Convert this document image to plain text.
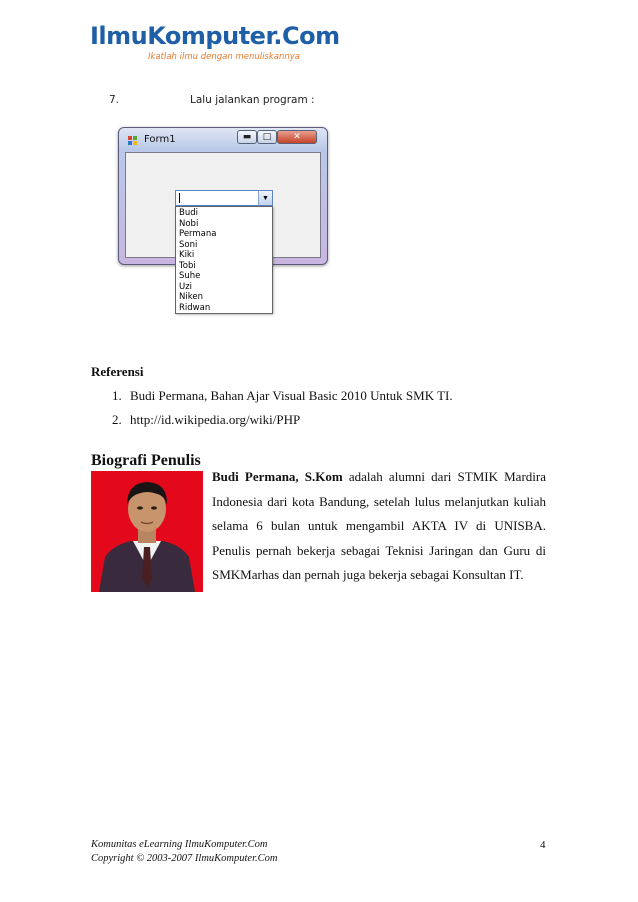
IlmuKomputer.Com
Ikatlah ilmu dengan menuliskannya
7.	Lalu jalankan program :
Form1	▬	□	✕
▼
Budi
Nobi
Permana
Soni
Kiki
Tobi
Suhe
Uzi
Niken
Ridwan
Referensi
1. Budi Permana, Bahan Ajar Visual Basic 2010 Untuk SMK TI.
2. http://id.wikipedia.org/wiki/PHP
Biografi Penulis

Budi Permana, S.Kom adalah alumni dari STMIK Mardira Indonesia dari kota Bandung, setelah lulus melanjutkan kuliah selama 6 bulan untuk mengambil AKTA IV di UNISBA. Penulis pernah bekerja sebagai Teknisi Jaringan dan Guru di SMKMarhas dan pernah juga bekerja sebagai Konsultan IT.

Komunitas eLearning IlmuKomputer.Com
Copyright © 2003-2007 IlmuKomputer.Com
4
